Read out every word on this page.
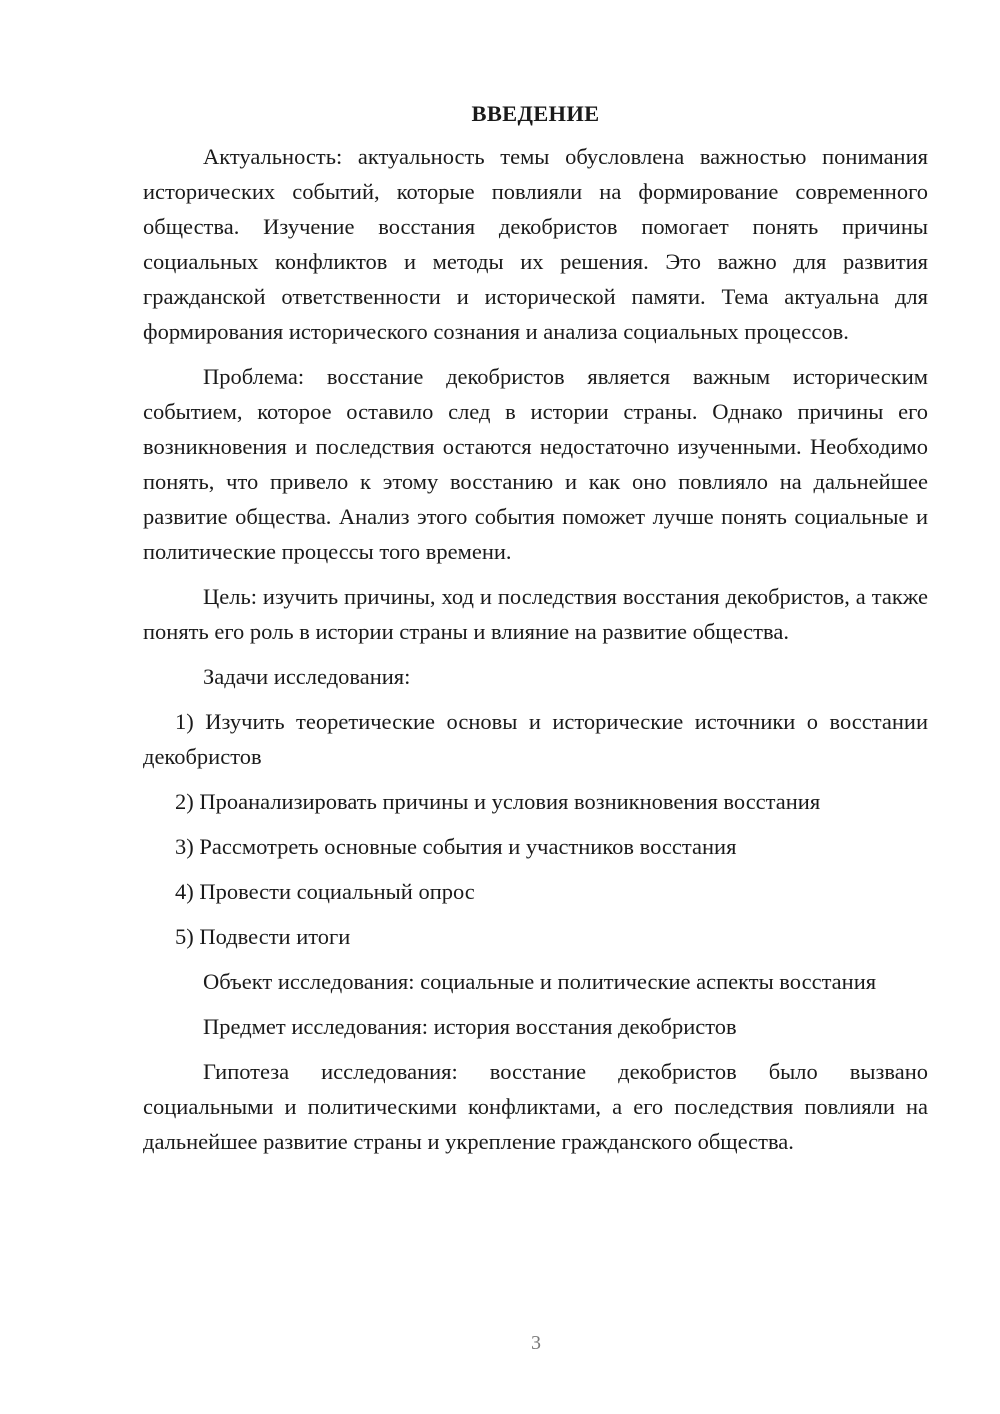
ВВЕДЕНИЕ

Актуальность: актуальность темы обусловлена важностью понимания исторических событий, которые повлияли на формирование современного общества. Изучение восстания декобристов помогает понять причины социальных конфликтов и методы их решения. Это важно для развития гражданской ответственности и исторической памяти. Тема актуальна для формирования исторического сознания и анализа социальных процессов.

Проблема: восстание декобристов является важным историческим событием, которое оставило след в истории страны. Однако причины его возникновения и последствия остаются недостаточно изученными. Необходимо понять, что привело к этому восстанию и как оно повлияло на дальнейшее развитие общества. Анализ этого события поможет лучше понять социальные и политические процессы того времени.

Цель: изучить причины, ход и последствия восстания декобристов, а также понять его роль в истории страны и влияние на развитие общества.

Задачи исследования:

1) Изучить теоретические основы и исторические источники о восстании декобристов

2) Проанализировать причины и условия возникновения восстания

3) Рассмотреть основные события и участников восстания

4) Провести социальный опрос

5) Подвести итоги

Объект исследования: социальные и политические аспекты восстания

Предмет исследования: история восстания декобристов

Гипотеза исследования: восстание декобристов было вызвано социальными и политическими конфликтами, а его последствия повлияли на дальнейшее развитие страны и укрепление гражданского общества.

3
